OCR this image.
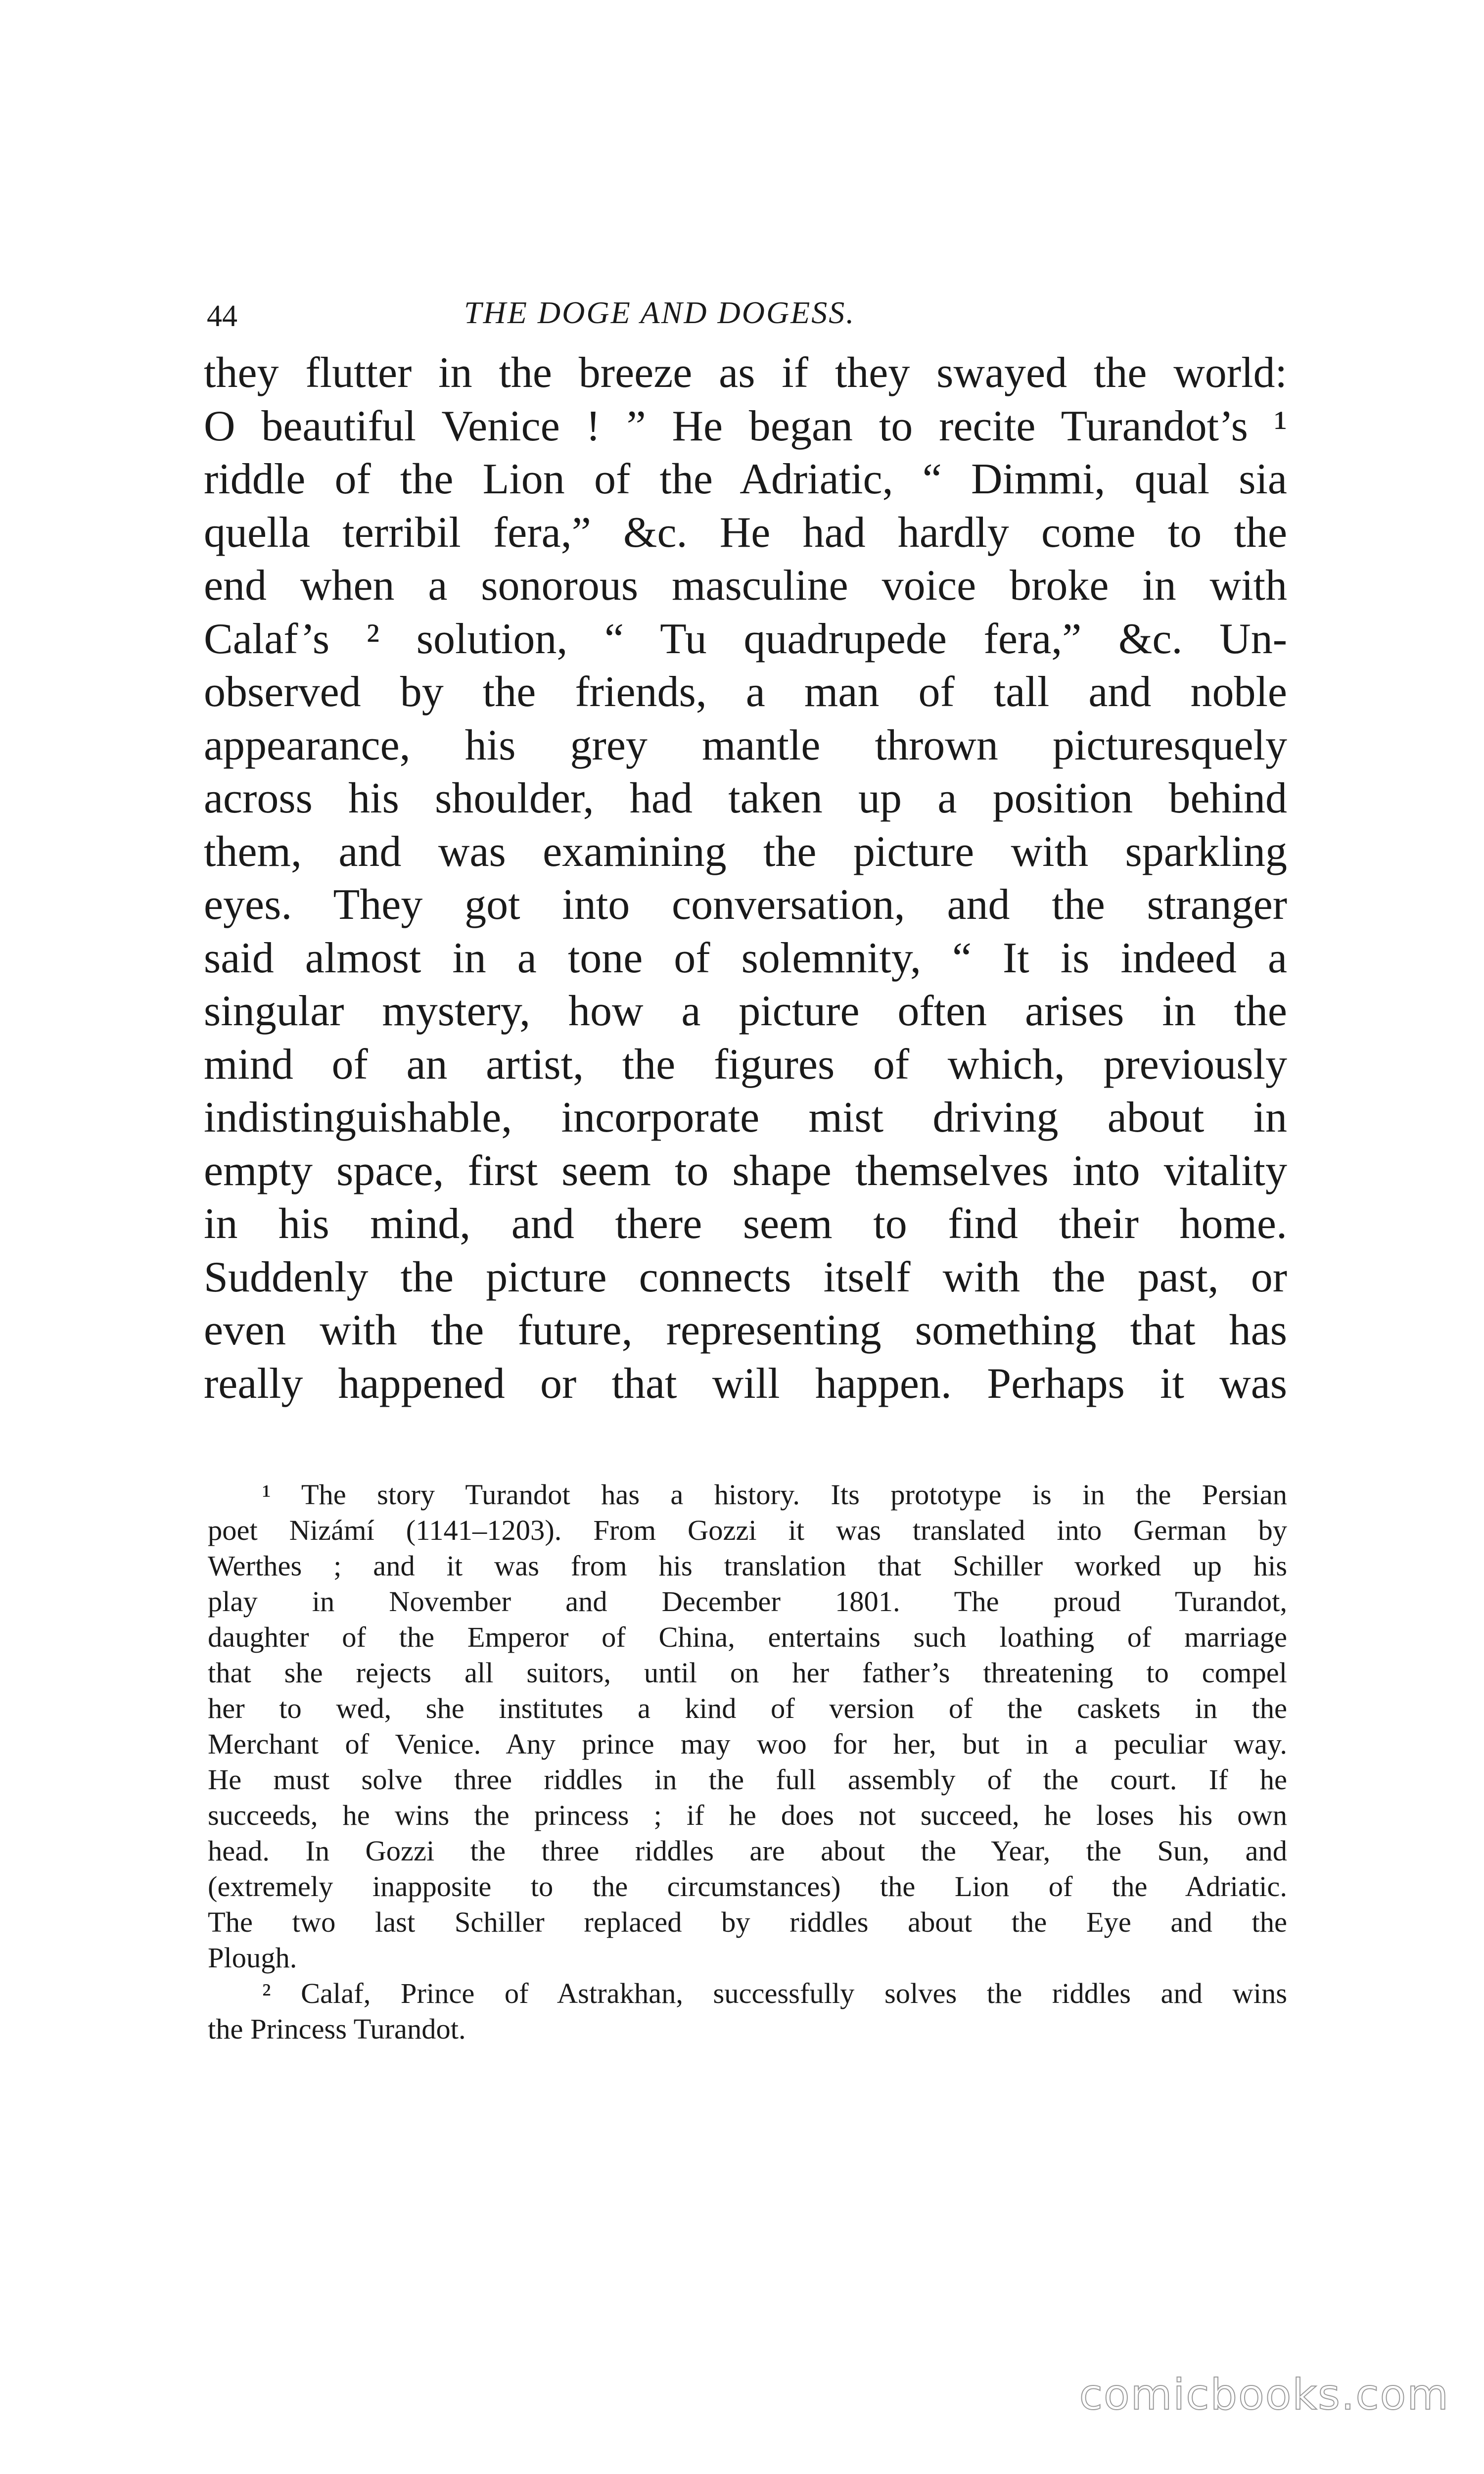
44	THE DOGE AND DOGESS.
they flutter in the breeze as if they swayed the world:
O beautiful Venice ! ” He began to recite Turandot’s ¹
riddle of the Lion of the Adriatic, “ Dimmi, qual sia
quella terribil fera,” &c. He had hardly come to the
end when a sonorous masculine voice broke in with
Calaf’s ² solution, “ Tu quadrupede fera,” &c. Un-
observed by the friends, a man of tall and noble
appearance, his grey mantle thrown picturesquely
across his shoulder, had taken up a position behind
them, and was examining the picture with sparkling
eyes. They got into conversation, and the stranger
said almost in a tone of solemnity, “ It is indeed a
singular mystery, how a picture often arises in the
mind of an artist, the figures of which, previously
indistinguishable, incorporate mist driving about in
empty space, first seem to shape themselves into vitality
in his mind, and there seem to find their home.
Suddenly the picture connects itself with the past, or
even with the future, representing something that has
really happened or that will happen. Perhaps it was
¹ The story Turandot has a history. Its prototype is in the Persian
poet Nizámí (1141–1203). From Gozzi it was translated into German by
Werthes ; and it was from his translation that Schiller worked up his
play in November and December 1801. The proud Turandot,
daughter of the Emperor of China, entertains such loathing of marriage
that she rejects all suitors, until on her father’s threatening to compel
her to wed, she institutes a kind of version of the caskets in the
Merchant of Venice. Any prince may woo for her, but in a peculiar way.
He must solve three riddles in the full assembly of the court. If he
succeeds, he wins the princess ; if he does not succeed, he loses his own
head. In Gozzi the three riddles are about the Year, the Sun, and
(extremely inapposite to the circumstances) the Lion of the Adriatic.
The two last Schiller replaced by riddles about the Eye and the
Plough.
² Calaf, Prince of Astrakhan, successfully solves the riddles and wins
the Princess Turandot.
comicbooks.com
